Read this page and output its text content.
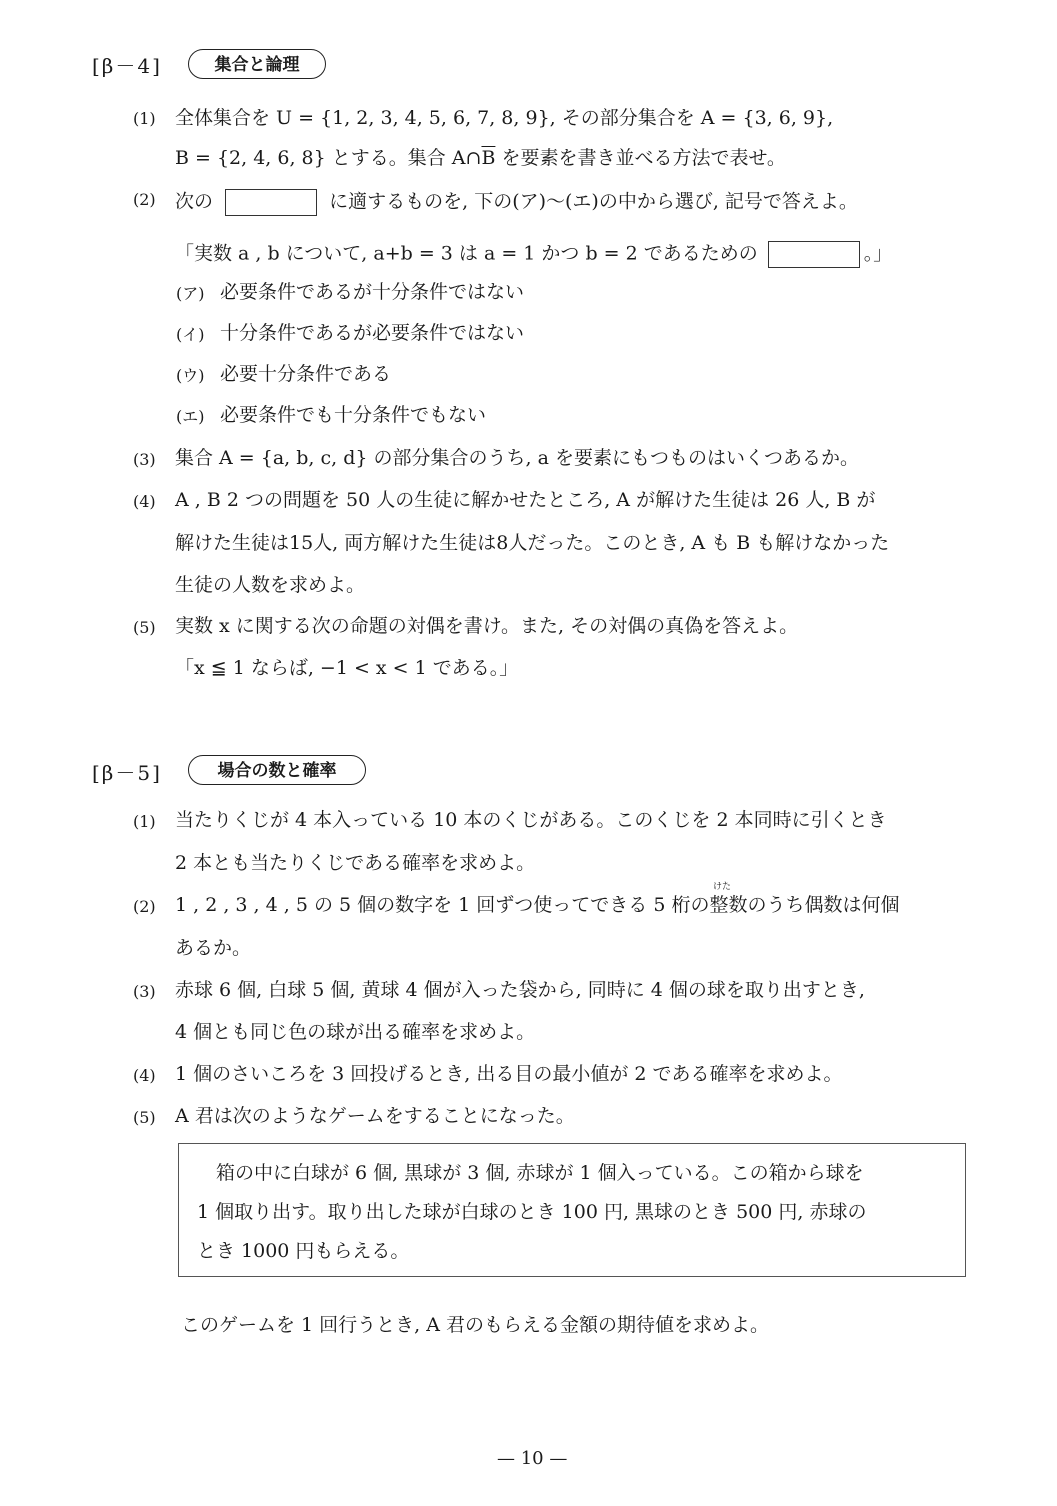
[β－4]	集合と論理
(1) 全体集合を U = {1, 2, 3, 4, 5, 6, 7, 8, 9}, その部分集合を A = {3, 6, 9},
B = {2, 4, 6, 8} とする。集合 $A\cap\overline{B}$ を要素を書き並べる方法で表せ。
(2) 次の	に適するものを, 下の(ア)～(エ)の中から選び, 記号で答えよ。
「実数 a , b について, a+b = 3 は a = 1 かつ b = 2 であるための	。」
(ア) 必要条件であるが十分条件ではない
(イ) 十分条件であるが必要条件ではない
(ウ) 必要十分条件である
(エ) 必要条件でも十分条件でもない
(3) 集合 A = {a, b, c, d} の部分集合のうち, a を要素にもつものはいくつあるか。
(4) A , B 2 つの問題を 50 人の生徒に解かせたところ, A が解けた生徒は 26 人, B が
解けた生徒は15人, 両方解けた生徒は8人だった。このとき, A も B も解けなかった
生徒の人数を求めよ。
(5) 実数 x に関する次の命題の対偶を書け。また, その対偶の真偽を答えよ。
「x ≦ 1 ならば, −1 < x < 1 である。」
[β－5]	場合の数と確率
(1) 当たりくじが 4 本入っている 10 本のくじがある。このくじを 2 本同時に引くとき
2 本とも当たりくじである確率を求めよ。
(2)
けた
1 , 2 , 3 , 4 , 5 の 5 個の数字を 1 回ずつ使ってできる 5 桁の整数のうち偶数は何個
あるか。
(3) 赤球 6 個, 白球 5 個, 黄球 4 個が入った袋から, 同時に 4 個の球を取り出すとき,
4 個とも同じ色の球が出る確率を求めよ。
(4) 1 個のさいころを 3 回投げるとき, 出る目の最小値が 2 である確率を求めよ。
(5) A 君は次のようなゲームをすることになった。
　箱の中に白球が 6 個, 黒球が 3 個, 赤球が 1 個入っている。この箱から球を
1 個取り出す。取り出した球が白球のとき 100 円, 黒球のとき 500 円, 赤球の
とき 1000 円もらえる。
このゲームを 1 回行うとき, A 君のもらえる金額の期待値を求めよ。
— 10 —
